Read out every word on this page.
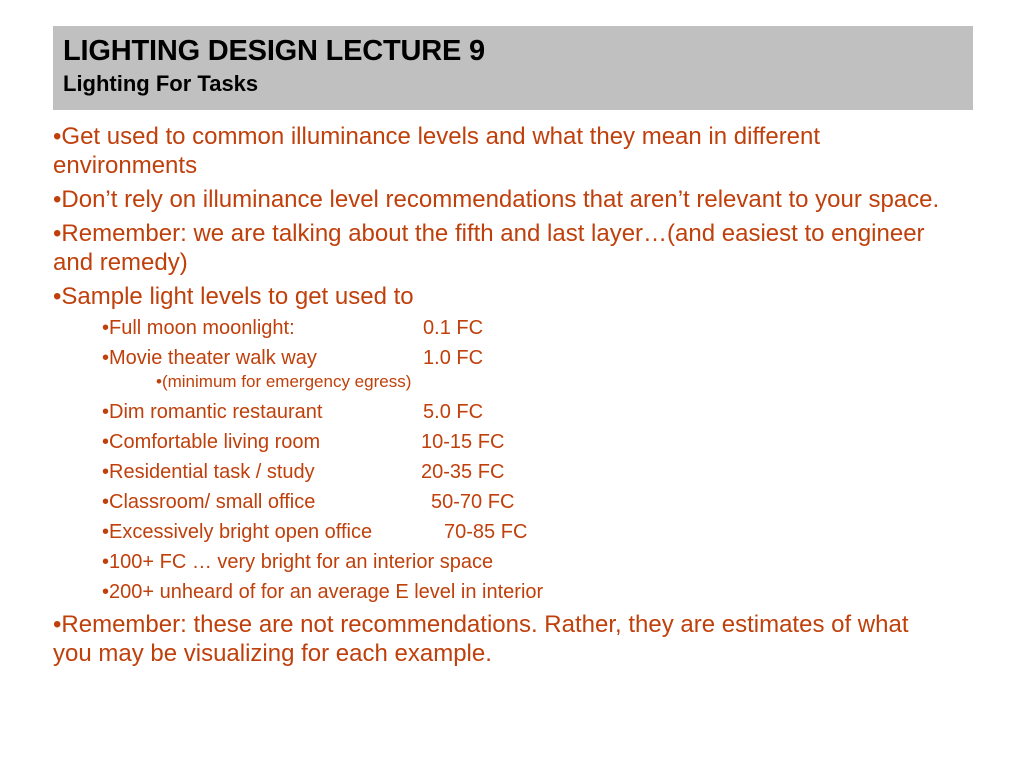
LIGHTING DESIGN LECTURE 9
Lighting For Tasks
•Get used to common illuminance levels and what they mean in different environments
•Don’t rely on illuminance level recommendations that aren’t relevant to your space.
•Remember: we are talking about the fifth and last layer…(and easiest to engineer and remedy)
•Sample light levels to get used to
•Full moon moonlight:	0.1 FC
•Movie theater walk way	1.0 FC
•(minimum for emergency egress)
•Dim romantic restaurant	5.0 FC
•Comfortable living room	10-15 FC
•Residential task / study	20-35 FC
•Classroom/ small office	50-70 FC
•Excessively bright open office	70-85 FC
•100+ FC … very bright for an interior space
•200+ unheard of for an average E level in interior
•Remember: these are not recommendations. Rather, they are estimates of what you may be visualizing for each example.
